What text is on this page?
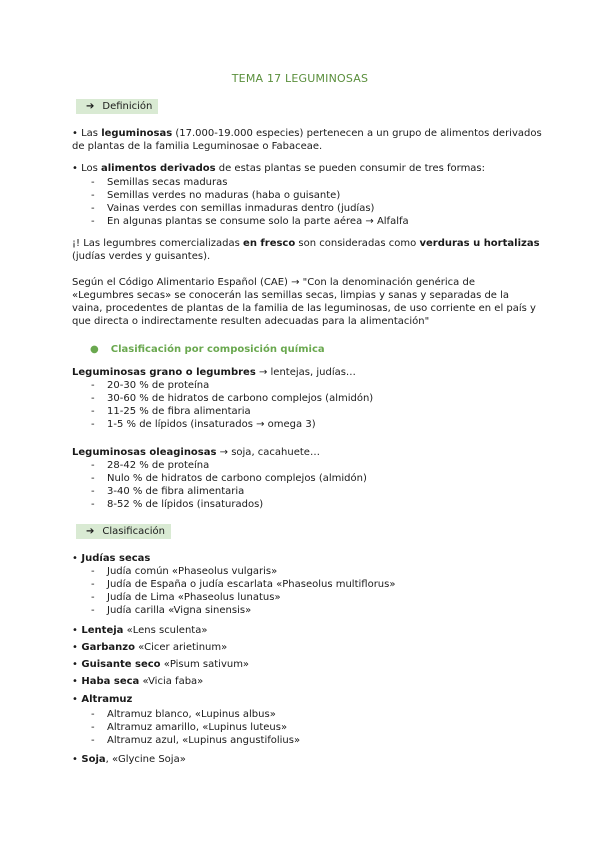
TEMA 17 LEGUMINOSAS
➔ Definición
• Las leguminosas (17.000-19.000 especies) pertenecen a un grupo de alimentos derivados
de plantas de la familia Leguminosae o Fabaceae.
• Los alimentos derivados de estas plantas se pueden consumir de tres formas:
- Semillas secas maduras
- Semillas verdes no maduras (haba o guisante)
- Vainas verdes con semillas inmaduras dentro (judías)
- En algunas plantas se consume solo la parte aérea → Alfalfa
¡! Las legumbres comercializadas en fresco son consideradas como verduras u hortalizas
(judías verdes y guisantes).
Según el Código Alimentario Español (CAE) → "Con la denominación genérica de
«Legumbres secas» se conocerán las semillas secas, limpias y sanas y separadas de la
vaina, procedentes de plantas de la familia de las leguminosas, de uso corriente en el país y
que directa o indirectamente resulten adecuadas para la alimentación"
● Clasificación por composición química
Leguminosas grano o legumbres → lentejas, judías…
- 20-30 % de proteína
- 30-60 % de hidratos de carbono complejos (almidón)
- 11-25 % de fibra alimentaria
- 1-5 % de lípidos (insaturados → omega 3)
Leguminosas oleaginosas → soja, cacahuete…
- 28-42 % de proteína
- Nulo % de hidratos de carbono complejos (almidón)
- 3-40 % de fibra alimentaria
- 8-52 % de lípidos (insaturados)
➔ Clasificación
• Judías secas
- Judía común «Phaseolus vulgaris»
- Judía de España o judía escarlata «Phaseolus multiflorus»
- Judía de Lima «Phaseolus lunatus»
- Judía carilla «Vigna sinensis»
• Lenteja «Lens sculenta»
• Garbanzo «Cicer arietinum»
• Guisante seco «Pisum sativum»
• Haba seca «Vicia faba»
• Altramuz
- Altramuz blanco, «Lupinus albus»
- Altramuz amarillo, «Lupinus luteus»
- Altramuz azul, «Lupinus angustifolius»
• Soja, «Glycine Soja»
